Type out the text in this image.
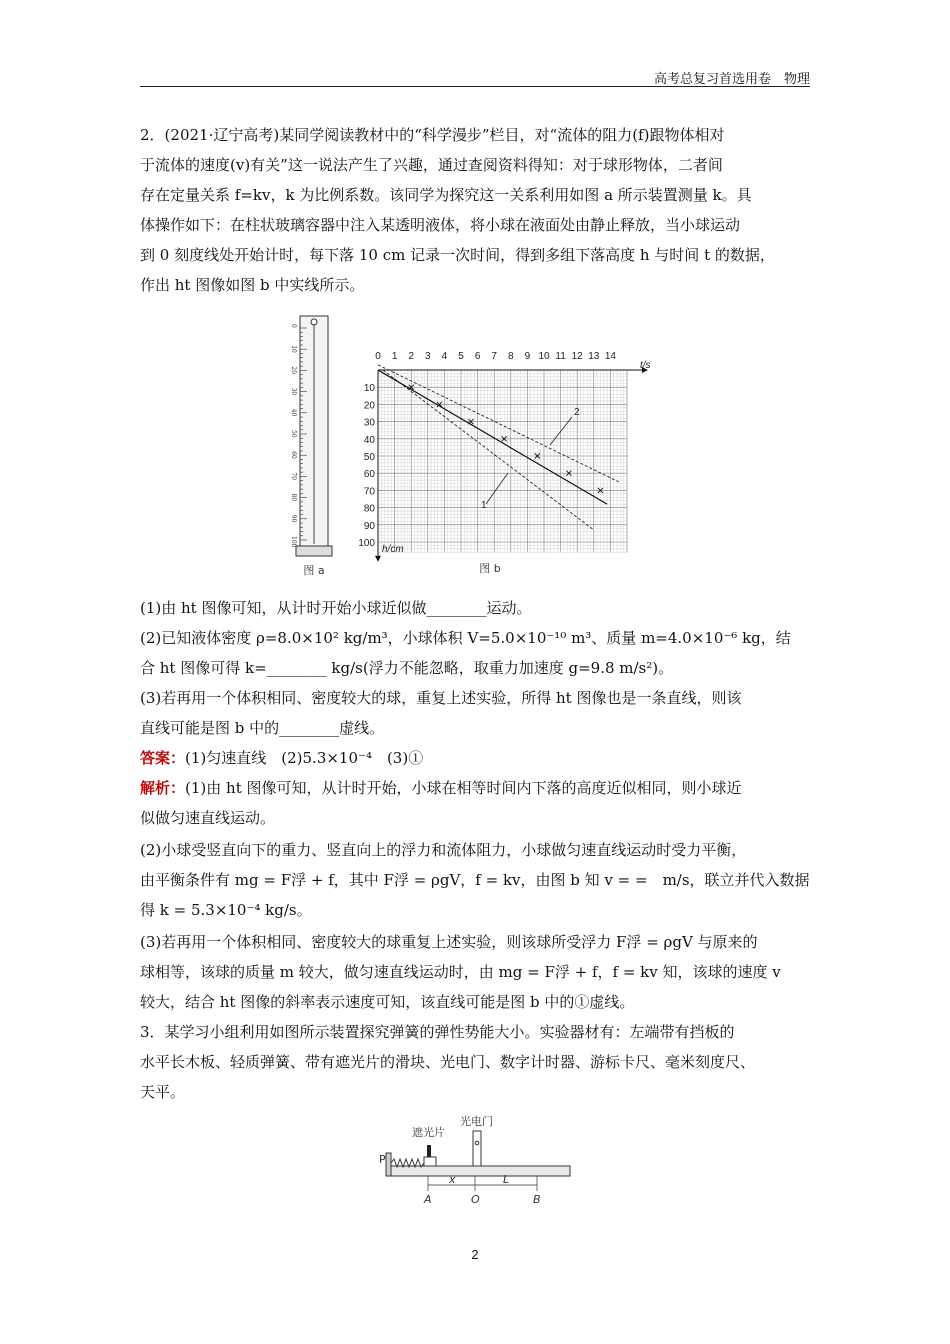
高考总复习首选用卷　物理

2．(2021·辽宁高考)某同学阅读教材中的“科学漫步”栏目，对“流体的阻力(f)跟物体相对

于流体的速度(v)有关”这一说法产生了兴趣，通过查阅资料得知：对于球形物体，二者间

存在定量关系 f=kv，k 为比例系数。该同学为探究这一关系利用如图 a 所示装置测量 k。具

体操作如下：在柱状玻璃容器中注入某透明液体，将小球在液面处由静止释放，当小球运动

到 0 刻度线处开始计时，每下落 10 cm 记录一次时间，得到多组下落高度 h 与时间 t 的数据，

作出 ht 图像如图 b 中实线所示。

0
10
20
30
40
50
60
70
80
90
100
图 a
0 1 2 3 4 5 6 7 8 9 10 11 12 13 14
10
20
30
40
50
60
70
80
90
100
t/s
h/cm
图 b
1
2

(1)由 ht 图像可知，从计时开始小球近似做________运动。

(2)已知液体密度 ρ=8.0×10² kg/m³，小球体积 V=5.0×10⁻¹⁰ m³、质量 m=4.0×10⁻⁶ kg，结

合 ht 图像可得 k=________ kg/s(浮力不能忽略，取重力加速度 g=9.8 m/s²)。

(3)若再用一个体积相同、密度较大的球，重复上述实验，所得 ht 图像也是一条直线，则该

直线可能是图 b 中的________虚线。

答案：(1)匀速直线　(2)5.3×10⁻⁴　(3)①

解析：(1)由 ht 图像可知，从计时开始，小球在相等时间内下落的高度近似相同，则小球近

似做匀速直线运动。

(2)小球受竖直向下的重力、竖直向上的浮力和流体阻力，小球做匀速直线运动时受力平衡，

由平衡条件有 mg = F浮 + f，其中 F浮 = ρgV，f = kv，由图 b 知 v = =　m/s，联立并代入数据

得 k = 5.3×10⁻⁴ kg/s。

(3)若再用一个体积相同、密度较大的球重复上述实验，则该球所受浮力 F浮 = ρgV 与原来的

球相等，该球的质量 m 较大，做匀速直线运动时，由 mg = F浮 + f，f = kv 知，该球的速度 v

较大，结合 ht 图像的斜率表示速度可知，该直线可能是图 b 中的①虚线。

3．某学习小组利用如图所示装置探究弹簧的弹性势能大小。实验器材有：左端带有挡板的

水平长木板、轻质弹簧、带有遮光片的滑块、光电门、数字计时器、游标卡尺、毫米刻度尺、

天平。

P
遮光片
光电门
x	L
A	O	B
2
